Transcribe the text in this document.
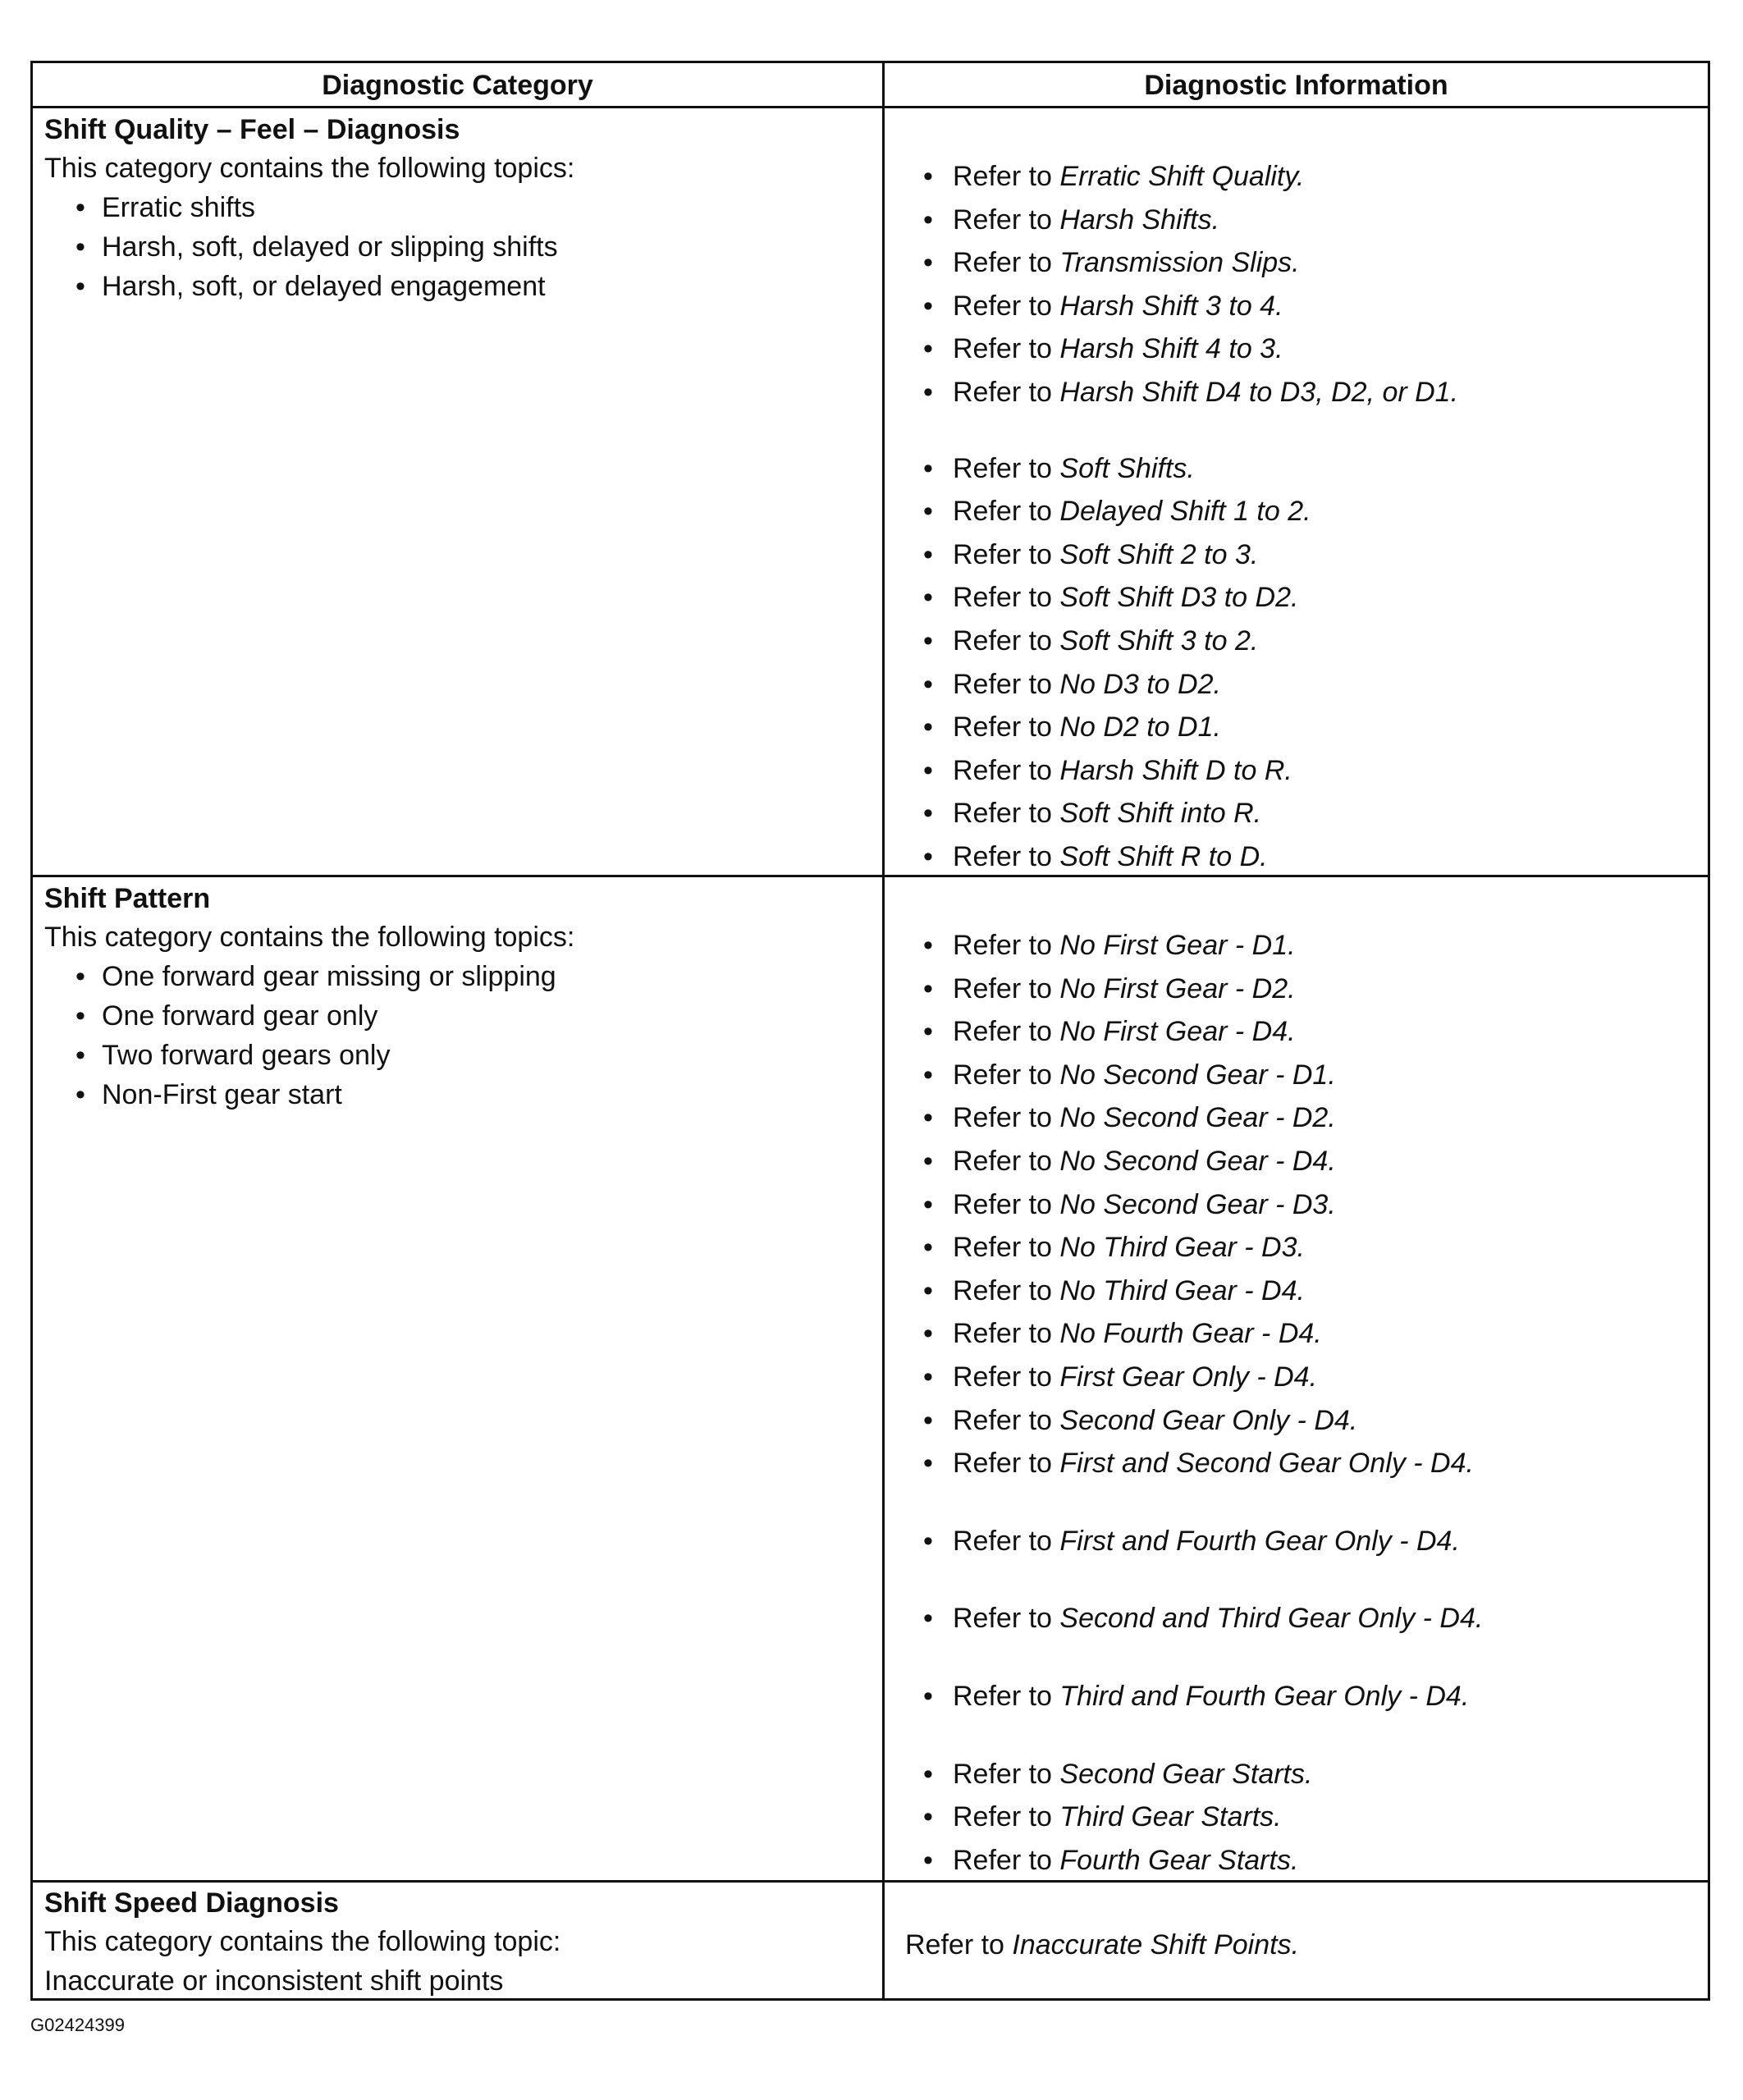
Diagnostic Category	Diagnostic Information
Shift Quality – Feel – Diagnosis
This category contains the following topics:
• Erratic shifts
• Harsh, soft, delayed or slipping shifts
• Harsh, soft, or delayed engagement
• Refer to Erratic Shift Quality.
• Refer to Harsh Shifts.
• Refer to Transmission Slips.
• Refer to Harsh Shift 3 to 4.
• Refer to Harsh Shift 4 to 3.
• Refer to Harsh Shift D4 to D3, D2, or D1.
• Refer to Soft Shifts.
• Refer to Delayed Shift 1 to 2.
• Refer to Soft Shift 2 to 3.
• Refer to Soft Shift D3 to D2.
• Refer to Soft Shift 3 to 2.
• Refer to No D3 to D2.
• Refer to No D2 to D1.
• Refer to Harsh Shift D to R.
• Refer to Soft Shift into R.
• Refer to Soft Shift R to D.
Shift Pattern
This category contains the following topics:
• One forward gear missing or slipping
• One forward gear only
• Two forward gears only
• Non-First gear start
• Refer to No First Gear - D1.
• Refer to No First Gear - D2.
• Refer to No First Gear - D4.
• Refer to No Second Gear - D1.
• Refer to No Second Gear - D2.
• Refer to No Second Gear - D4.
• Refer to No Second Gear - D3.
• Refer to No Third Gear - D3.
• Refer to No Third Gear - D4.
• Refer to No Fourth Gear - D4.
• Refer to First Gear Only - D4.
• Refer to Second Gear Only - D4.
• Refer to First and Second Gear Only - D4.
• Refer to First and Fourth Gear Only - D4.
• Refer to Second and Third Gear Only - D4.
• Refer to Third and Fourth Gear Only - D4.
• Refer to Second Gear Starts.
• Refer to Third Gear Starts.
• Refer to Fourth Gear Starts.
Shift Speed Diagnosis
This category contains the following topic:
Inaccurate or inconsistent shift points
Refer to Inaccurate Shift Points.
G02424399
